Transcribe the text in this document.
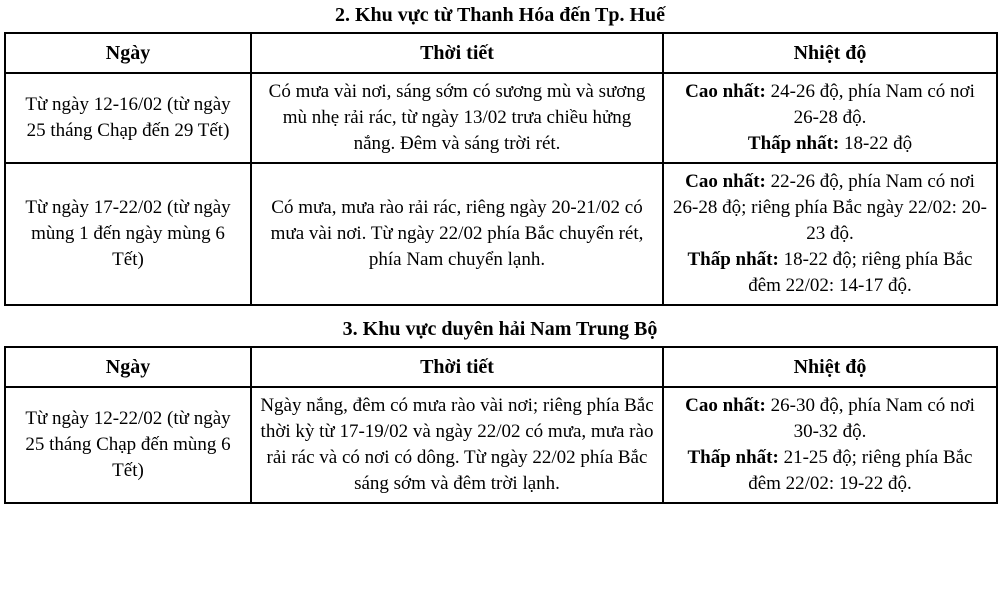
2. Khu vực từ Thanh Hóa đến Tp. Huế
Ngày	Thời tiết	Nhiệt độ
Từ ngày 12-16/02 (từ ngày 25 tháng Chạp đến 29 Tết)	Có mưa vài nơi, sáng sớm có sương mù và sương mù nhẹ rải rác, từ ngày 13/02 trưa chiều hửng nắng. Đêm và sáng trời rét.	Cao nhất: 24-26 độ, phía Nam có nơi 26-28 độ.
Thấp nhất: 18-22 độ

Từ ngày 17-22/02 (từ ngày mùng 1 đến ngày mùng 6 Tết)	Có mưa, mưa rào rải rác, riêng ngày 20-21/02 có mưa vài nơi. Từ ngày 22/02 phía Bắc chuyển rét, phía Nam chuyển lạnh.	Cao nhất: 22-26 độ, phía Nam có nơi 26-28 độ; riêng phía Bắc ngày 22/02: 20-23 độ.
Thấp nhất: 18-22 độ; riêng phía Bắc đêm 22/02: 14-17 độ.
3. Khu vực duyên hải Nam Trung Bộ
Ngày	Thời tiết	Nhiệt độ
Từ ngày 12-22/02 (từ ngày 25 tháng Chạp đến mùng 6 Tết)	Ngày nắng, đêm có mưa rào vài nơi; riêng phía Bắc thời kỳ từ 17-19/02 và ngày 22/02 có mưa, mưa rào rải rác và có nơi có dông. Từ ngày 22/02 phía Bắc sáng sớm và đêm trời lạnh.	Cao nhất: 26-30 độ, phía Nam có nơi 30-32 độ.
Thấp nhất: 21-25 độ; riêng phía Bắc đêm 22/02: 19-22 độ.
